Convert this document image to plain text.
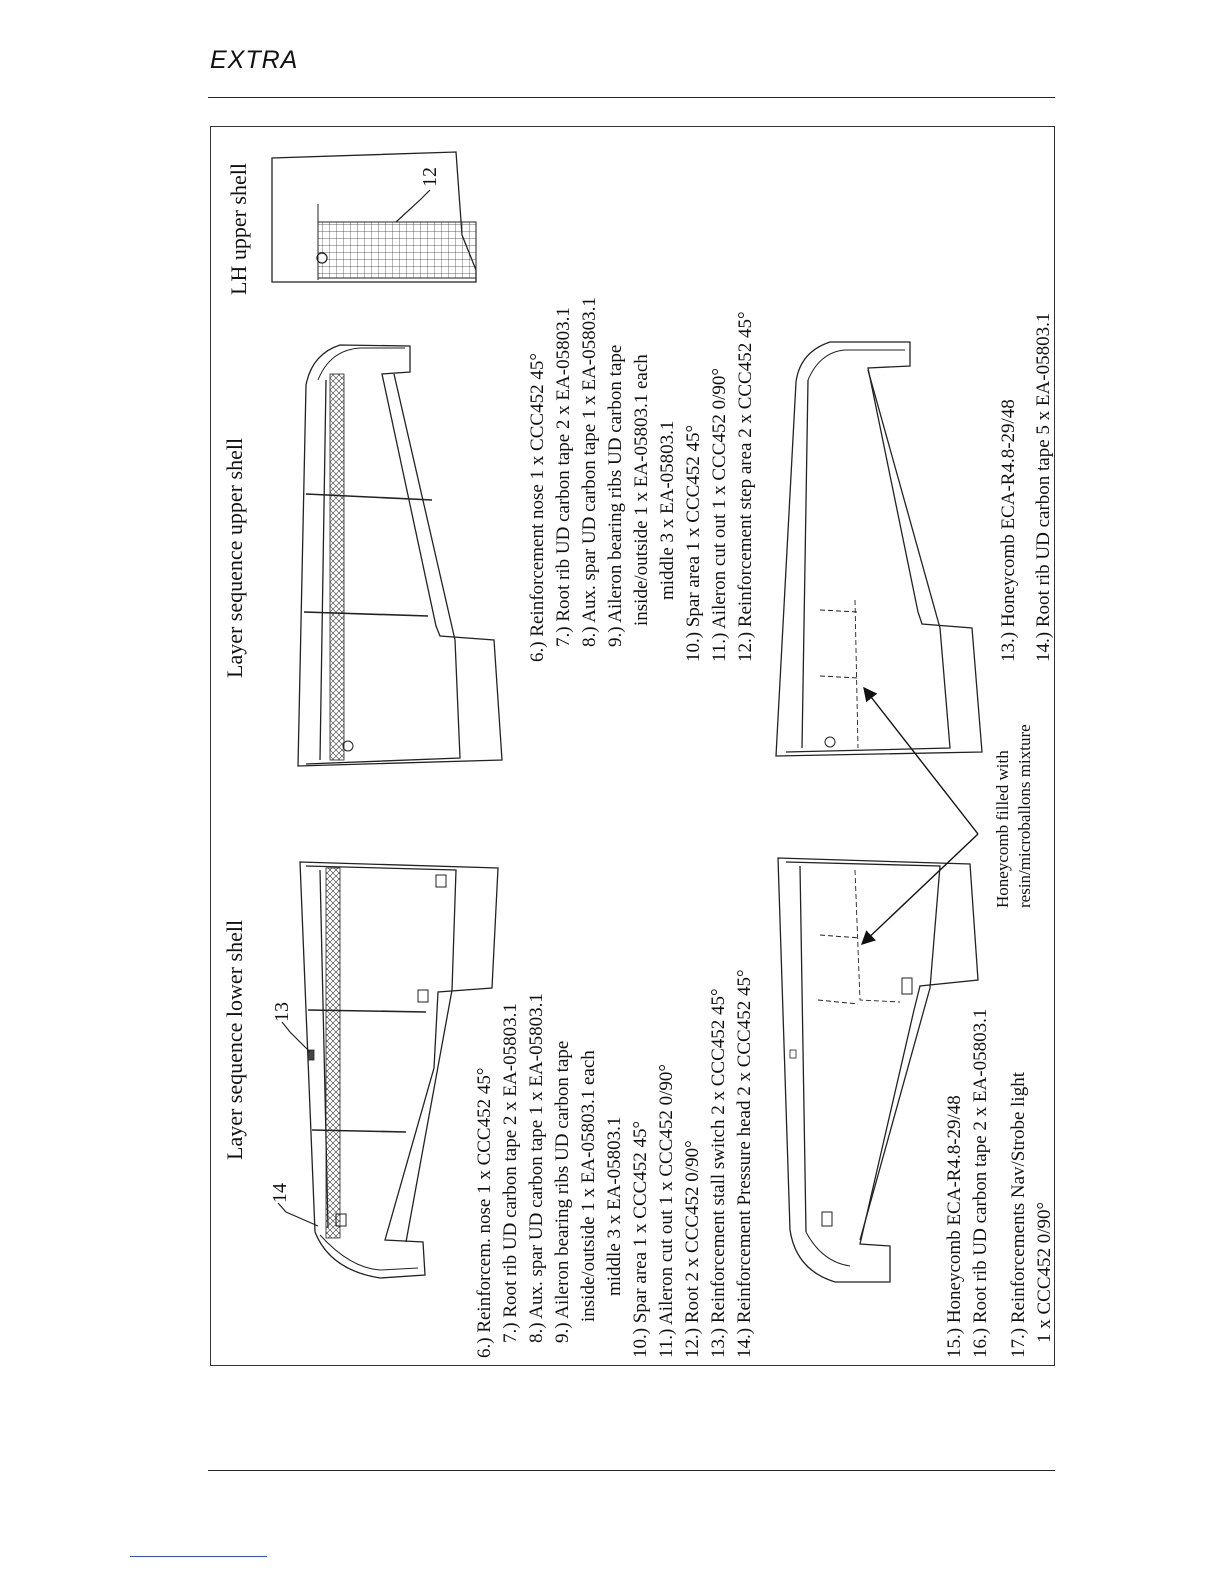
EXTRA
Layer sequence lower shell
Layer sequence upper shell
LH upper shell
13
14
12
6.) Reinforcem. nose 1 x CCC452 45° 7.) Root rib UD carbon tape 2 x EA-05803.1 8.) Aux. spar UD carbon tape 1 x EA-05803.1 9.) Aileron bearing ribs UD carbon tape inside/outside 1 x EA-05803.1 each middle 3 x EA-05803.1 10.) Spar area 1 x CCC452 45° 11.) Aileron cut out 1 x CCC452 0/90° 12.) Root 2 x CCC452 0/90° 13.) Reinforcement stall switch 2 x CCC452 45° 14.) Reinforcement Pressure head 2 x CCC452 45°
6.) Reinforcement nose 1 x CCC452 45° 7.) Root rib UD carbon tape 2 x EA-05803.1 8.) Aux. spar UD carbon tape 1 x EA-05803.1 9.) Aileron bearing ribs UD carbon tape inside/outside 1 x EA-05803.1 each middle 3 x EA-05803.1 10.) Spar area 1 x CCC452 45° 11.) Aileron cut out 1 x CCC452 0/90° 12.) Reinforcement step area 2 x CCC452 45°
Honeycomb filled with resin/microballons mixture
15.) Honeycomb ECA-R4.8-29/48 16.) Root rib UD carbon tape 2 x EA-05803.1 17.) Reinforcements Nav/Strobe light 1 x CCC452 0/90°
13.) Honeycomb ECA-R4.8-29/48 14.) Root rib UD carbon tape 5 x EA-05803.1
